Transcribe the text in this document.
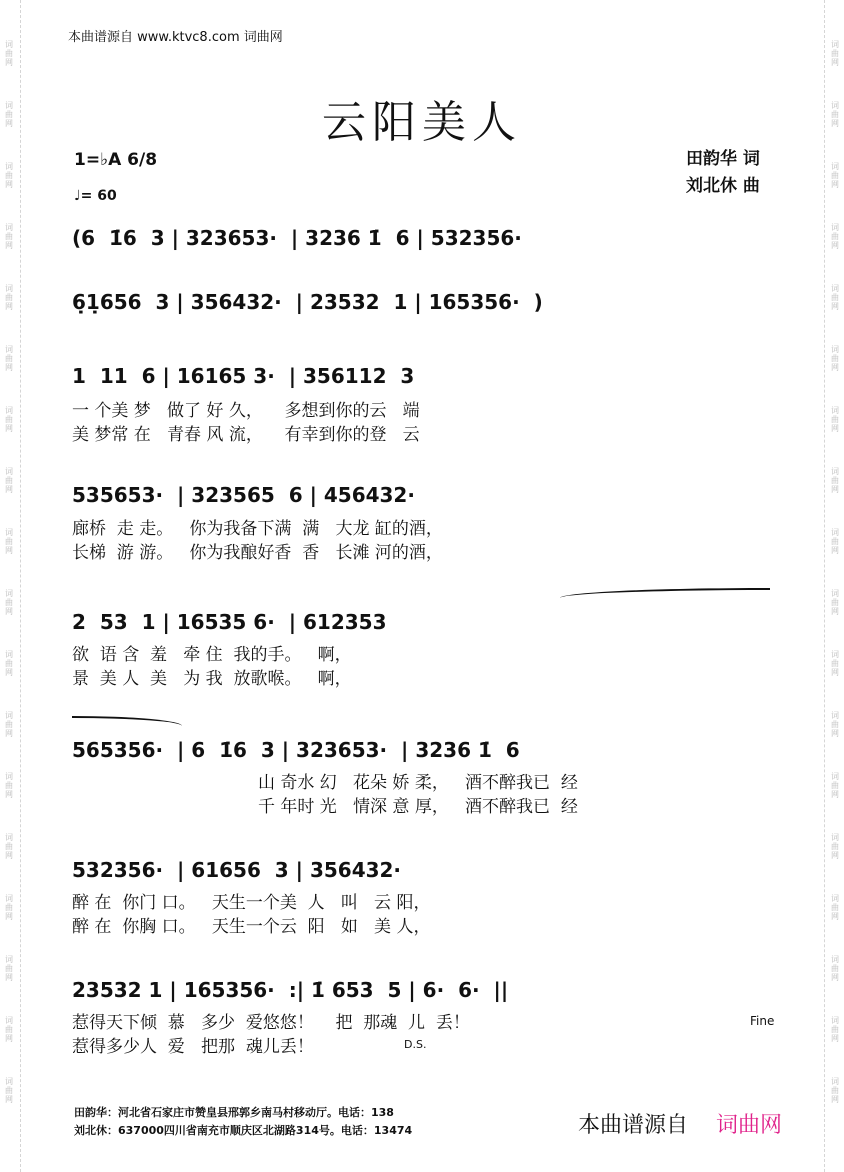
词
曲
网
词
曲
网
词
曲
网
词
曲
网
词
曲
网
词
曲
网
词
曲
网
词
曲
网
词
曲
网
词
曲
网
词
曲
网
词
曲
网
词
曲
网
词
曲
网
词
曲
网
词
曲
网
词
曲
网
词
曲
网
词
曲
网
词
曲
网
词
曲
网
词
曲
网
词
曲
网
词
曲
网
词
曲
网
词
曲
网
词
曲
网
词
曲
网
词
曲
网
词
曲
网
词
曲
网
词
曲
网
词
曲
网
词
曲
网
词
曲
网
词
曲
网
本曲谱源自 www.ktvc8.com 词曲网
云阳美人
1=♭A 6/8
♩= 60
田韵华 词
刘北休 曲
(6  1̇6  3 | 323653·  | 3236 1̇  6 | 532356·
6̣1̣656  3 | 356432·  | 23532  1 | 165356·  )
1  11  6 | 16165 3·  | 356112  3
一 个美 梦   做了 好 久，    多想到你的云   端
美 梦常 在   青春 风 流，    有幸到你的登   云
535653·  | 323565  6 | 456432·
廊桥  走 走。   你为我备下满  满   大龙 缸的酒，
长梯  游 游。   你为我酿好香  香   长滩 河的酒，
2  53  1 | 16535 6·  | 612353
欲  语 含  羞   牵 住  我的手。   啊，
景  美 人  美   为 我  放歌喉。   啊，
565356·  | 6  1̇6  3 | 323653·  | 3236 1̇  6
山 奇水 幻   花朵 娇 柔，   酒不醉我已  经
千 年时 光   情深 意 厚，   酒不醉我已  经
532356·  | 61656  3 | 356432·
醉 在  你门 口。   天生一个美  人   叫   云 阳，
醉 在  你胸 口。   天生一个云  阳   如   美 人，
23532 1 | 165356·  :| 1̇ 653  5 | 6·  6·  ||
惹得天下倾  慕   多少  爱悠悠！    把  那魂  儿  丢！
惹得多少人  爱   把那  魂儿丢！
Fine
D.S.
田韵华：河北省石家庄市赞皇县邢郭乡南马村移动厅。电话：138
刘北休：637000四川省南充市顺庆区北湖路314号。电话：13474	本曲谱源自 词曲网
